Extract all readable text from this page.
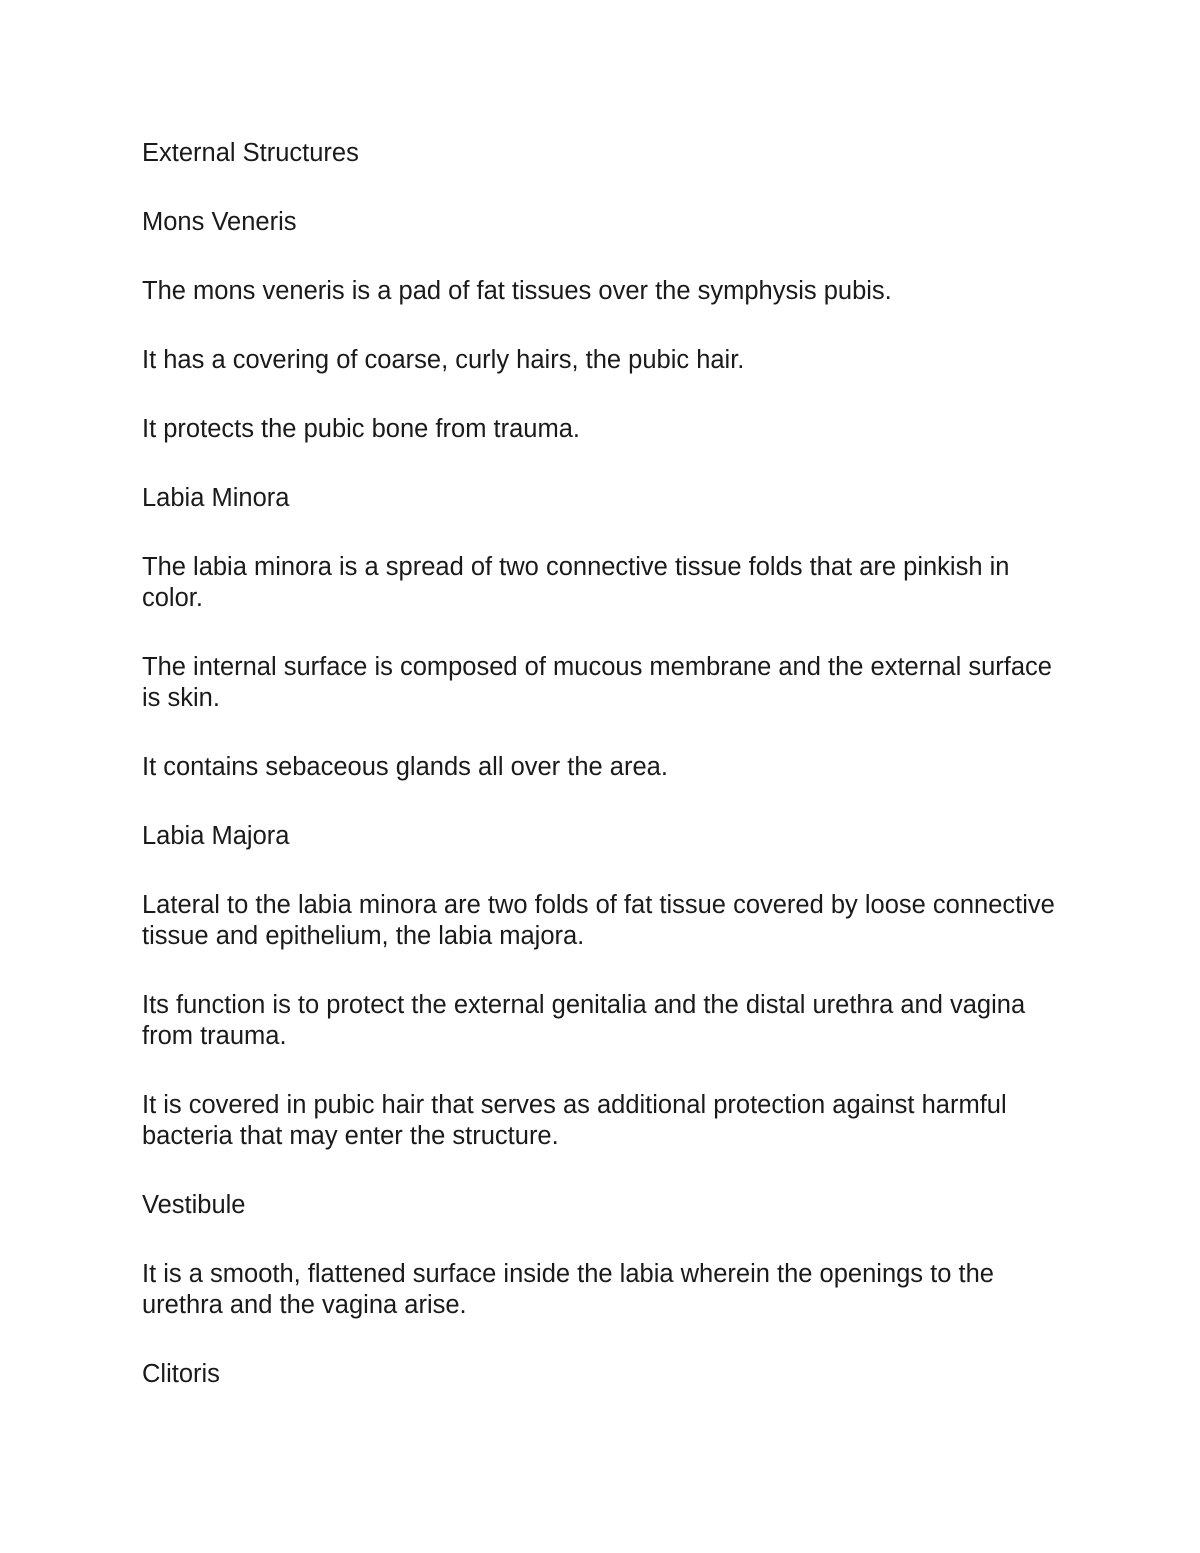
External Structures

Mons Veneris

The mons veneris is a pad of fat tissues over the symphysis pubis.

It has a covering of coarse, curly hairs, the pubic hair.

It protects the pubic bone from trauma.

Labia Minora

The labia minora is a spread of two connective tissue folds that are pinkish in color.

The internal surface is composed of mucous membrane and the external surface is skin.

It contains sebaceous glands all over the area.

Labia Majora

Lateral to the labia minora are two folds of fat tissue covered by loose connective tissue and epithelium, the labia majora.

Its function is to protect the external genitalia and the distal urethra and vagina from trauma.

It is covered in pubic hair that serves as additional protection against harmful bacteria that may enter the structure.

Vestibule

It is a smooth, flattened surface inside the labia wherein the openings to the urethra and the vagina arise.

Clitoris
